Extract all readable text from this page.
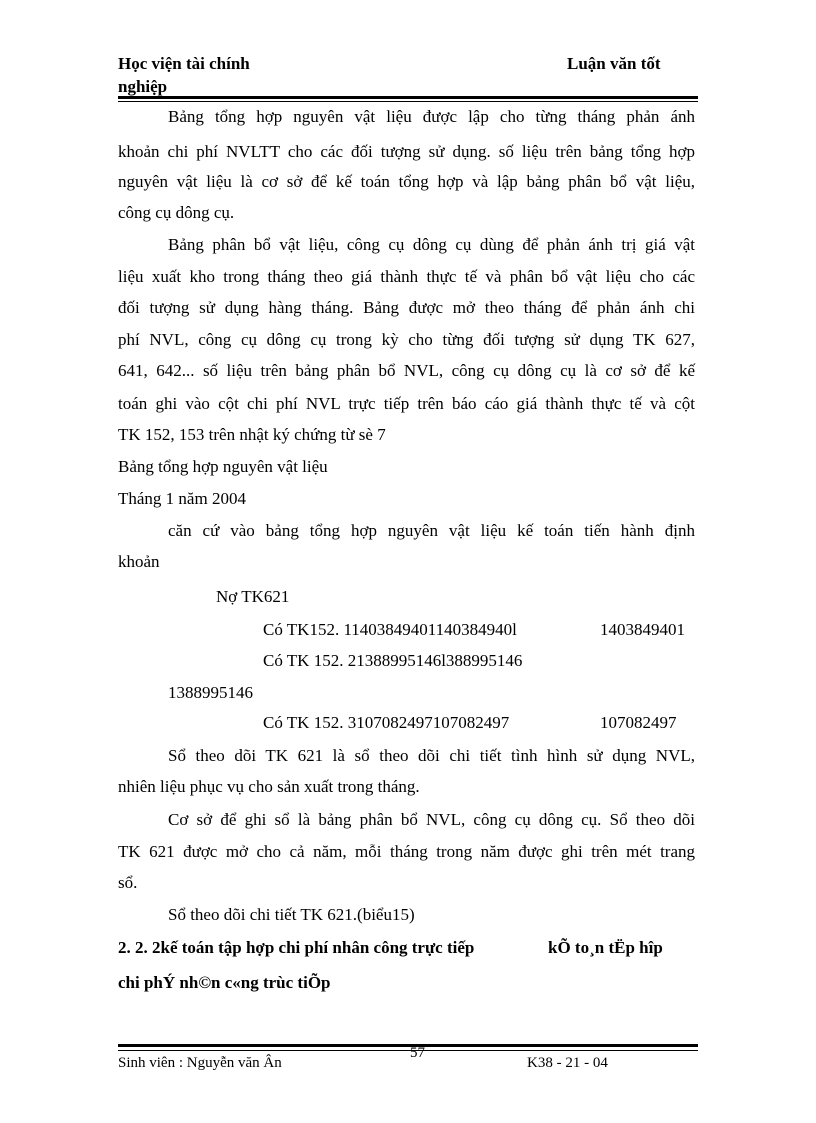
Học viện tài chính
nghiệp
Luận văn tốt
Bảng tổng hợp nguyên vật liệu được lập cho từng tháng phản ánh
khoản chi phí NVLTT cho các đối tượng sử dụng. số liệu trên bảng tổng hợp
nguyên vật liệu là cơ sở để kế toán tổng hợp và lập bảng phân bổ vật liệu,
công cụ dông cụ.
Bảng phân bổ vật liệu, công cụ dông cụ dùng để phản ánh trị giá vật
liệu xuất kho trong tháng theo giá thành thực tế và phân bổ vật liệu cho các
đối tượng sử dụng hàng tháng. Bảng được mở theo tháng để phản ánh chi
phí NVL, công cụ dông cụ trong kỳ cho từng đối tượng sử dụng TK 627,
641, 642... số liệu trên bảng phân bổ NVL, công cụ dông cụ là cơ sở để kế
toán ghi vào cột chi phí NVL trực tiếp trên báo cáo giá thành thực tế và cột
TK 152, 153 trên nhật ký chứng từ sè 7
Bảng tổng hợp nguyên vật liệu
Tháng 1 năm 2004
căn cứ vào bảng tổng hợp nguyên vật liệu kế toán tiến hành định
khoản
Nợ TK621
Có TK152. 11403849401140384940l	1403849401
Có TK 152. 21388995146l388995146
1388995146
Có TK 152. 3107082497107082497	107082497
Sổ theo dõi TK 621 là sổ theo dõi chi tiết tình hình sử dụng NVL,
nhiên liệu phục vụ cho sản xuất trong tháng.
Cơ sở để ghi sổ là bảng phân bổ NVL, công cụ dông cụ. Sổ theo dõi
TK 621 được mở cho cả năm, mỗi tháng trong năm được ghi trên mét trang
sổ.
Sổ theo dõi chi tiết TK 621.(biểu15)
2. 2. 2kế toán tập hợp chi phí nhân công trực tiếp	kÕ to¸n tËp hîp
chi phÝ nh©n c«ng trùc tiÕp
Sinh viên : Nguyễn văn Ân
57
K38 - 21 - 04
